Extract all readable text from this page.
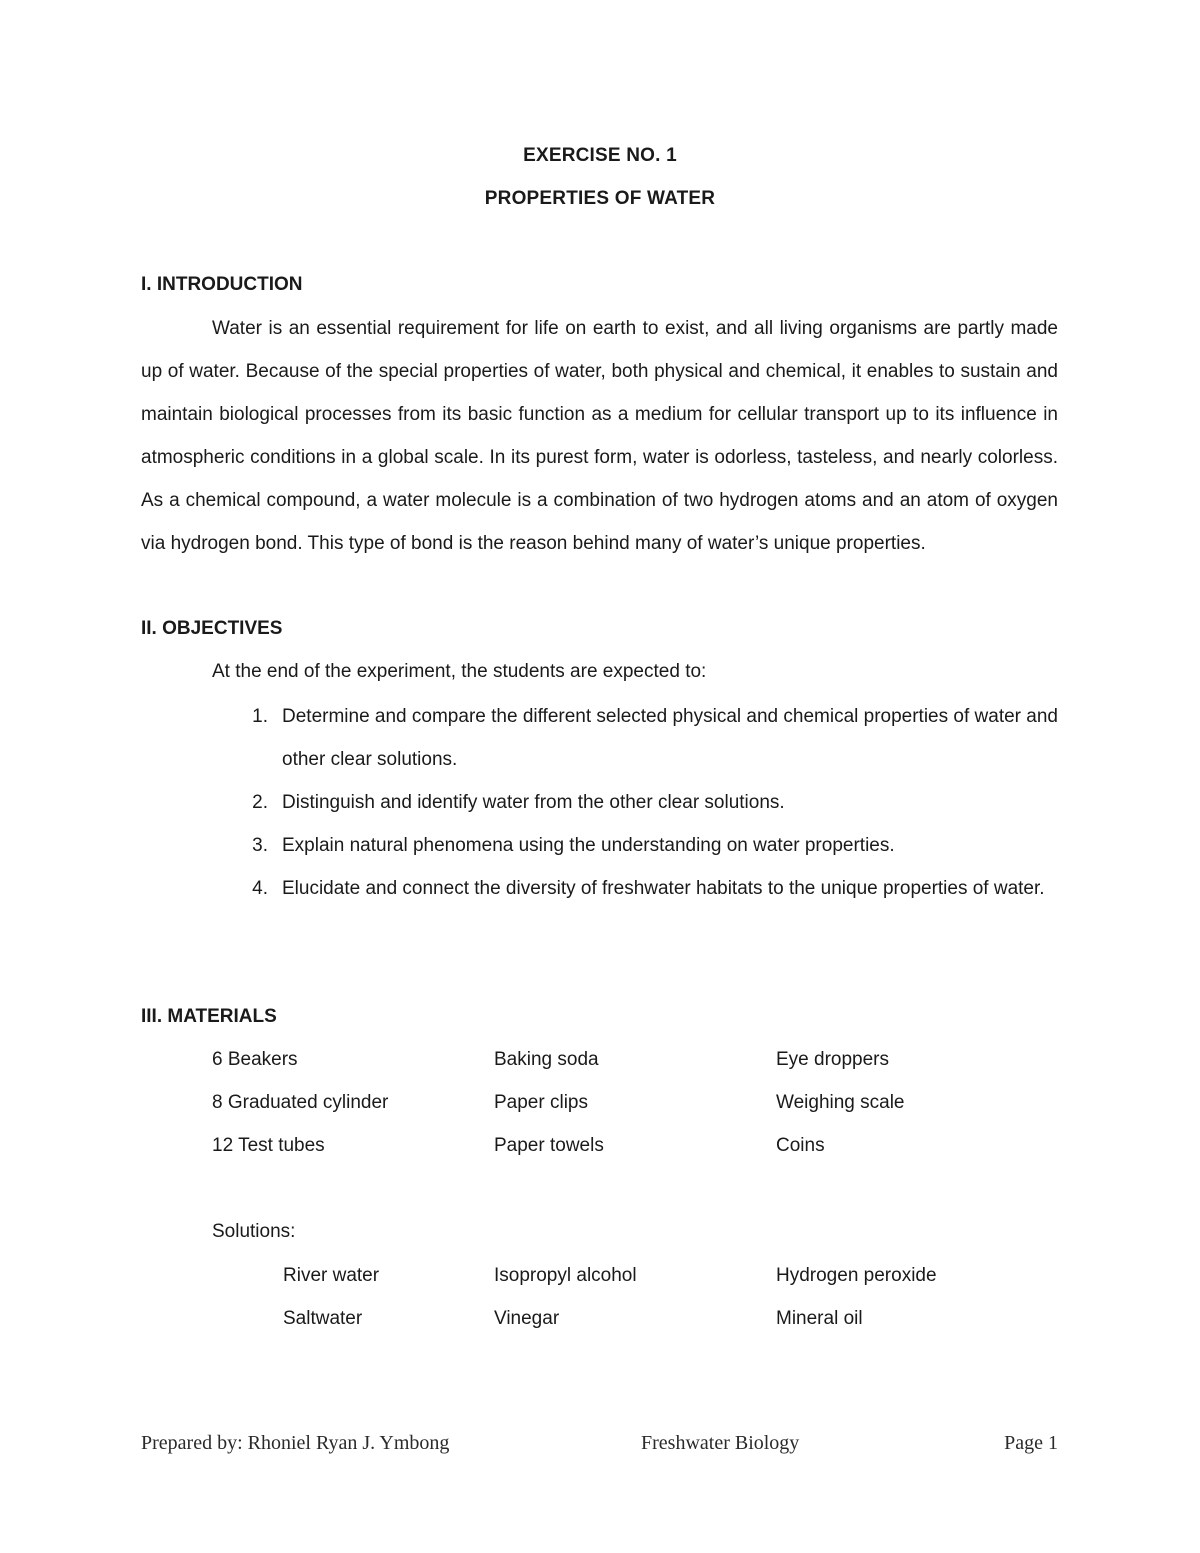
EXERCISE NO. 1
PROPERTIES OF WATER
I. INTRODUCTION

Water is an essential requirement for life on earth to exist, and all living organisms are partly made up of water. Because of the special properties of water, both physical and chemical, it enables to sustain and maintain biological processes from its basic function as a medium for cellular transport up to its influence in atmospheric conditions in a global scale. In its purest form, water is odorless, tasteless, and nearly colorless. As a chemical compound, a water molecule is a combination of two hydrogen atoms and an atom of oxygen via hydrogen bond. This type of bond is the reason behind many of water’s unique properties.

II. OBJECTIVES
At the end of the experiment, the students are expected to:
1. Determine and compare the different selected physical and chemical properties of water and other clear solutions.
2. Distinguish and identify water from the other clear solutions.
3. Explain natural phenomena using the understanding on water properties.
4. Elucidate and connect the diversity of freshwater habitats to the unique properties of water.
III. MATERIALS
6 Beakers	Baking soda	Eye droppers
8 Graduated cylinder	Paper clips	Weighing scale
12 Test tubes	Paper towels	Coins
Solutions:
River water	Isopropyl alcohol	Hydrogen peroxide
Saltwater	Vinegar	Mineral oil
Prepared by: Rhoniel Ryan J. Ymbong	Freshwater Biology	Page 1
